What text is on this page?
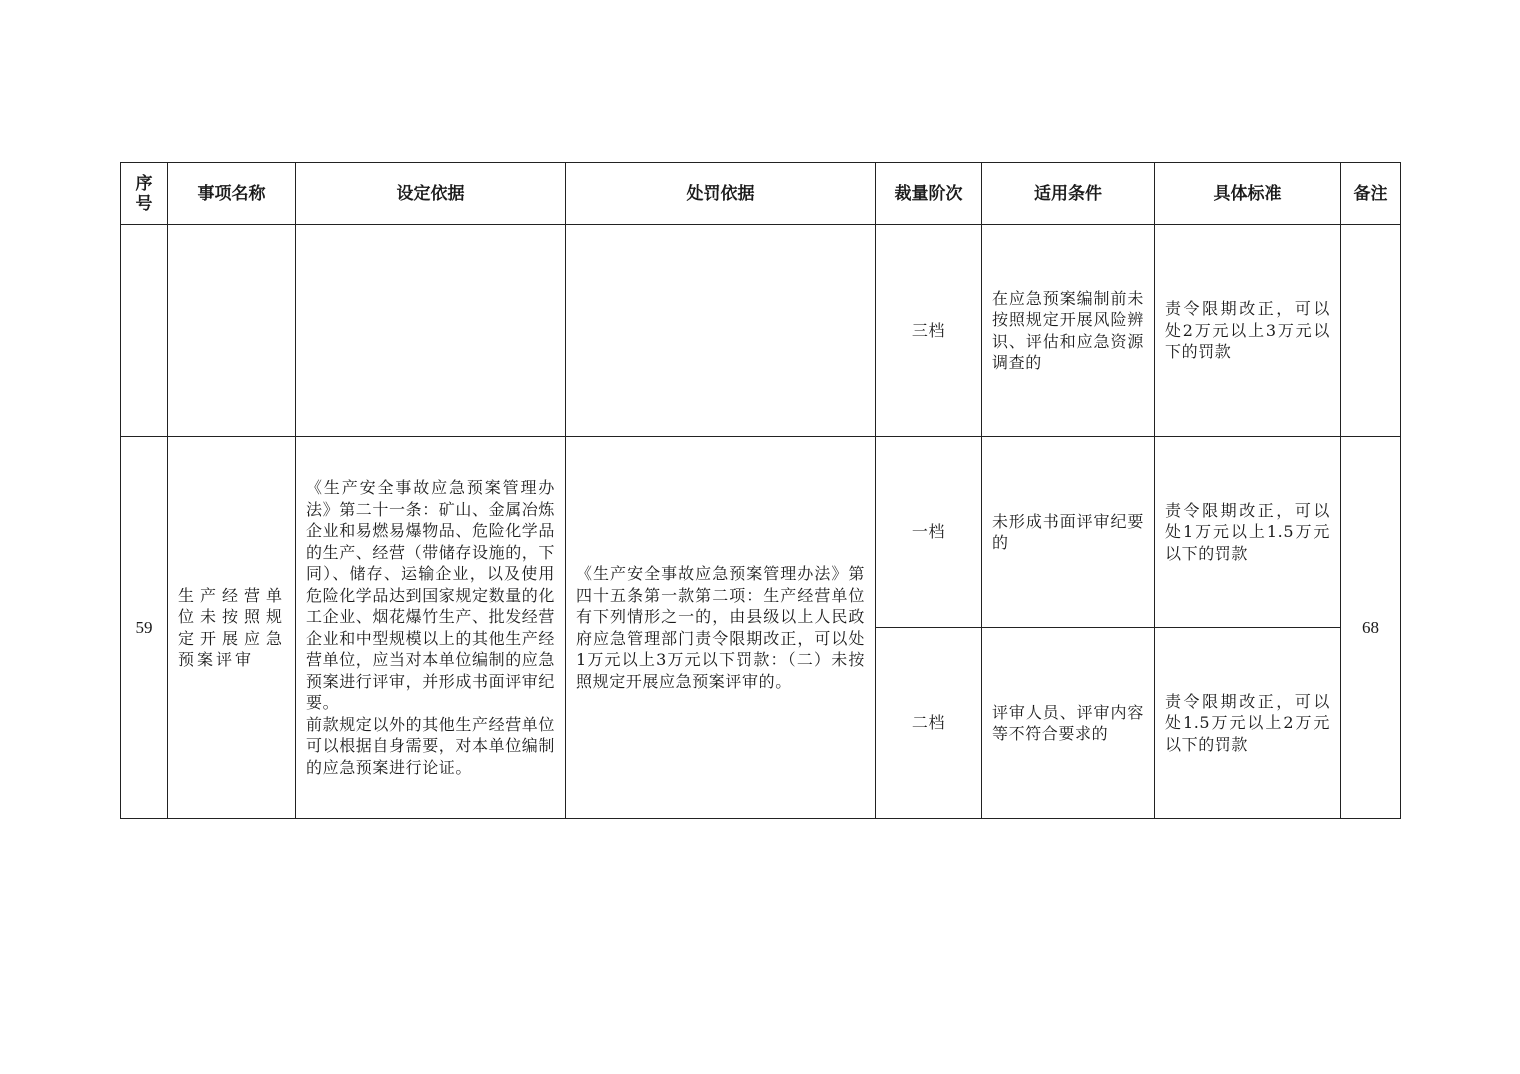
序
号	事项名称	设定依据	处罚依据	裁量阶次	适用条件	具体标准	备注
				三档	在应急预案编制前未按照规定开展风险辨识、评估和应急资源调查的	责令限期改正，可以处2万元以上3万元以下的罚款	
59	生产经营单位未按照规定开展应急预案评审	《生产安全事故应急预案管理办法》第二十一条：矿山、金属冶炼企业和易燃易爆物品、危险化学品的生产、经营（带储存设施的，下同）、储存、运输企业，以及使用危险化学品达到国家规定数量的化工企业、烟花爆竹生产、批发经营企业和中型规模以上的其他生产经营单位，应当对本单位编制的应急预案进行评审，并形成书面评审纪要。
前款规定以外的其他生产经营单位可以根据自身需要，对本单位编制的应急预案进行论证。	《生产安全事故应急预案管理办法》第四十五条第一款第二项：生产经营单位有下列情形之一的，由县级以上人民政府应急管理部门责令限期改正，可以处1万元以上3万元以下罚款：（二）未按照规定开展应急预案评审的。	一档	未形成书面评审纪要的	责令限期改正，可以处1万元以上1.5万元以下的罚款	68
				二档	评审人员、评审内容等不符合要求的	责令限期改正，可以处1.5万元以上2万元以下的罚款	
